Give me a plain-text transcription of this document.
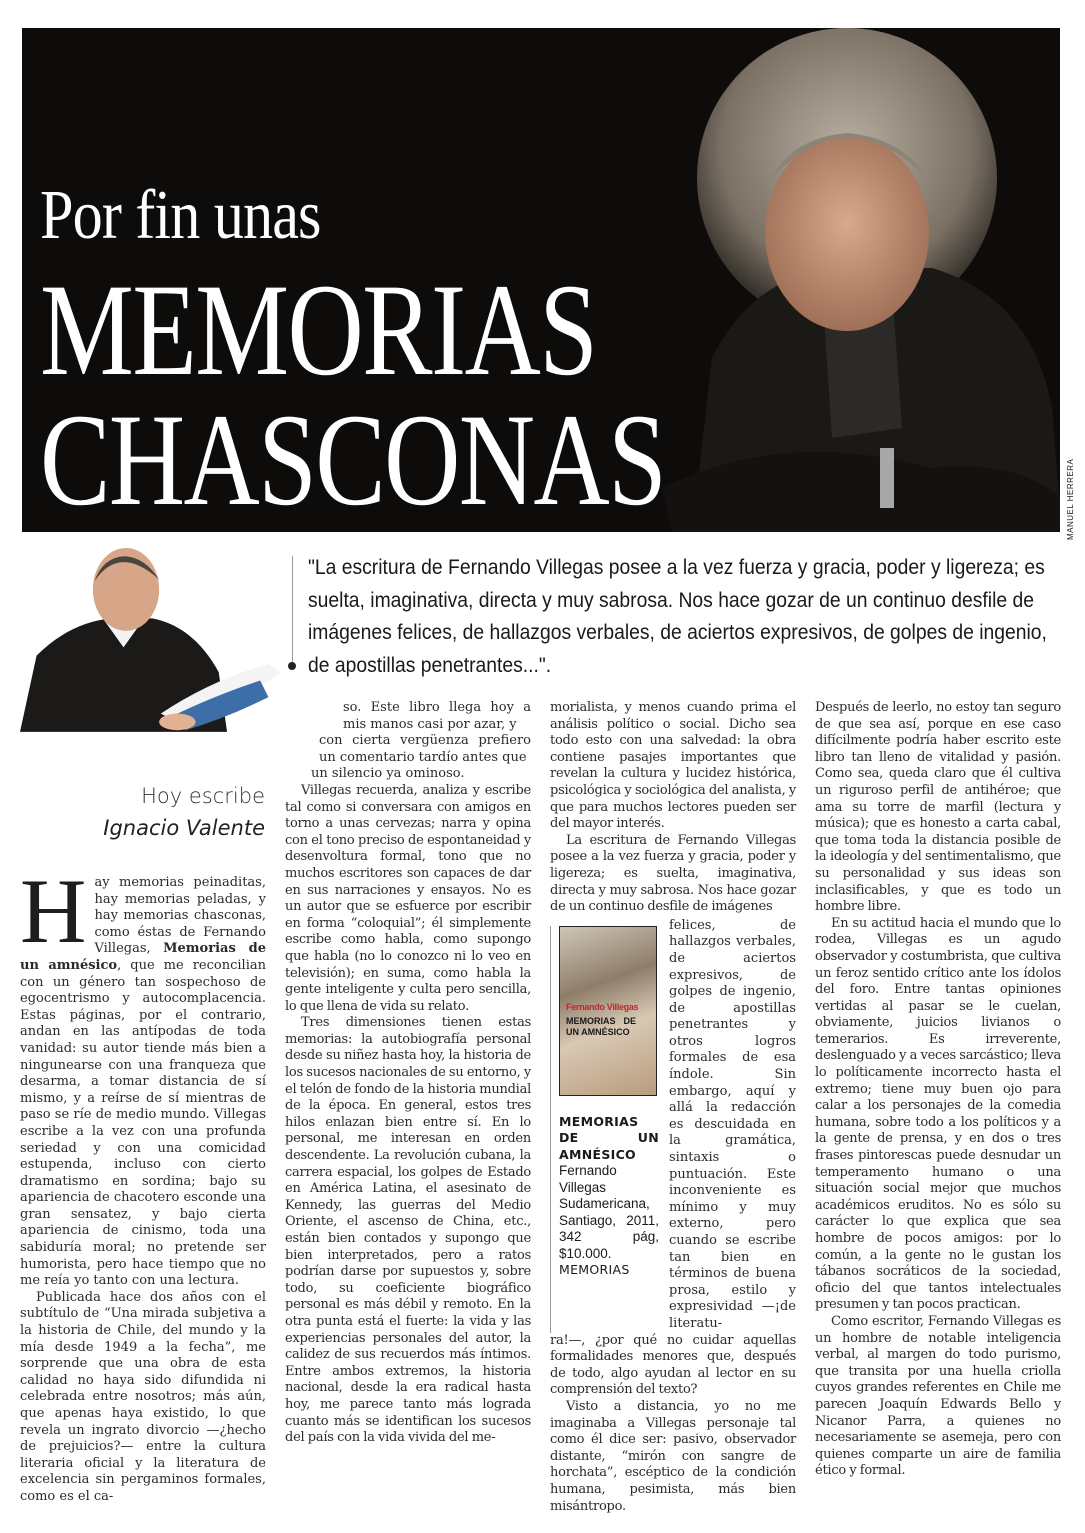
Por fin unas
MEMORIAS
CHASCONAS	MANUEL HERRERA
Hoy escribe
Ignacio Valente
"La escritura de Fernando Villegas posee a la vez fuerza y gracia, poder y ligereza; es suelta, imaginativa, directa y muy sabrosa. Nos hace gozar de un continuo desfile de imágenes felices, de hallazgos verbales, de aciertos expresivos, de golpes de ingenio, de apostillas penetrantes...".

Hay memorias peinaditas, hay memorias peladas, y hay memorias chasconas, como éstas de Fernando Villegas, Memorias de un amnésico, que me reconcilian con un género tan sospechoso de egocentrismo y autocomplacencia. Estas páginas, por el contrario, andan en las antípodas de toda vanidad: su autor tiende más bien a ningunearse con una franqueza que desarma, a tomar distancia de sí mismo, y a reírse de sí mientras de paso se ríe de medio mundo. Villegas escribe a la vez con una profunda seriedad y con una comicidad estupenda, incluso con cierto dramatismo en sordina; bajo su apariencia de chacotero esconde una gran sensatez, y bajo cierta apariencia de cinismo, toda una sabiduría moral; no pretende ser humorista, pero hace tiempo que no me reía yo tanto con una lectura.

Publicada hace dos años con el subtítulo de “Una mirada subjetiva a la historia de Chile, del mundo y la mía desde 1949 a la fecha”, me sorprende que una obra de esta calidad no haya sido difundida ni celebrada entre nosotros; más aún, que apenas haya existido, lo que revela un ingrato divorcio —¿hecho de prejuicios?— entre la cultura literaria oficial y la literatura de excelencia sin pergaminos formales, como es el ca-

so. Este libro llega hoy a mis manos casi por azar, y

con cierta vergüenza prefiero un comentario tardío antes que

un silencio ya ominoso.

Villegas recuerda, analiza y escribe tal como si conversara con amigos en torno a unas cervezas; narra y opina con el tono preciso de espontaneidad y desenvoltura formal, tono que no muchos escritores son capaces de dar en sus narraciones y ensayos. No es un autor que se esfuerce por escribir en forma “coloquial”; él simplemente escribe como habla, como supongo que habla (no lo conozco ni lo veo en televisión); en suma, como habla la gente inteligente y culta pero sencilla, lo que llena de vida su relato.

Tres dimensiones tienen estas memorias: la autobiografía personal desde su niñez hasta hoy, la historia de los sucesos nacionales de su entorno, y el telón de fondo de la historia mundial de la época. En general, estos tres hilos enlazan bien entre sí. En lo personal, me interesan en orden descendente. La revolución cubana, la carrera espacial, los golpes de Estado en América Latina, el asesinato de Kennedy, las guerras del Medio Oriente, el ascenso de China, etc., están bien contados y supongo que bien interpretados, pero a ratos podrían darse por supuestos y, sobre todo, su coeficiente biográfico personal es más débil y remoto. En la otra punta está el fuerte: la vida y las experiencias personales del autor, la calidez de sus recuerdos más íntimos. Entre ambos extremos, la historia nacional, desde la era radical hasta hoy, me parece tanto más lograda cuanto más se identifican los sucesos del país con la vida vivida del me-

morialista, y menos cuando prima el análisis político o social. Dicho sea todo esto con una salvedad: la obra contiene pasajes importantes que revelan la cultura y lucidez histórica, psicológica y sociológica del analista, y que para muchos lectores pueden ser del mayor interés.

La escritura de Fernando Villegas posee a la vez fuerza y gracia, poder y ligereza; es suelta, imaginativa, directa y muy sabrosa. Nos hace gozar de un continuo desfile de imágenes

Fernando Villegas
MEMORIAS DE UN AMNÉSICO
MEMORIAS DE UN AMNÉSICO
Fernando Villegas
Sudamericana, Santiago, 2011, 342 pág, $10.000.
MEMORIAS

felices, de hallazgos verbales, de aciertos expresivos, de golpes de ingenio, de apostillas penetrantes y otros logros formales de esa índole. Sin embargo, aquí y allá la redacción es descuidada en la gramática, sintaxis o puntuación. Este inconveniente es mínimo y muy externo, pero cuando se escribe tan bien en términos de buena prosa, estilo y expresividad —¡de literatu-

ra!—, ¿por qué no cuidar aquellas formalidades menores que, después de todo, algo ayudan al lector en su comprensión del texto?

Visto a distancia, yo no me imaginaba a Villegas personaje tal como él dice ser: pasivo, observador distante, “mirón con sangre de horchata”, escéptico de la condición humana, pesimista, más bien misántropo.

Después de leerlo, no estoy tan seguro de que sea así, porque en ese caso difícilmente podría haber escrito este libro tan lleno de vitalidad y pasión. Como sea, queda claro que él cultiva un riguroso perfil de antihéroe; que ama su torre de marfil (lectura y música); que es honesto a carta cabal, que toma toda la distancia posible de la ideología y del sentimentalismo, que su personalidad y sus ideas son inclasificables, y que es todo un hombre libre.

En su actitud hacia el mundo que lo rodea, Villegas es un agudo observador y costumbrista, que cultiva un feroz sentido crítico ante los ídolos del foro. Entre tantas opiniones vertidas al pasar se le cuelan, obviamente, juicios livianos o temerarios. Es irreverente, deslenguado y a veces sarcástico; lleva lo políticamente incorrecto hasta el extremo; tiene muy buen ojo para calar a los personajes de la comedia humana, sobre todo a los políticos y a la gente de prensa, y en dos o tres frases pintorescas puede desnudar un temperamento humano o una situación social mejor que muchos académicos eruditos. No es sólo su carácter lo que explica que sea hombre de pocos amigos: por lo común, a la gente no le gustan los tábanos socráticos de la sociedad, oficio del que tantos intelectuales presumen y tan pocos practican.

Como escritor, Fernando Villegas es un hombre de notable inteligencia verbal, al margen do todo purismo, que transita por una huella criolla cuyos grandes referentes en Chile me parecen Joaquín Edwards Bello y Nicanor Parra, a quienes no necesariamente se asemeja, pero con quienes comparte un aire de familia ético y formal.
